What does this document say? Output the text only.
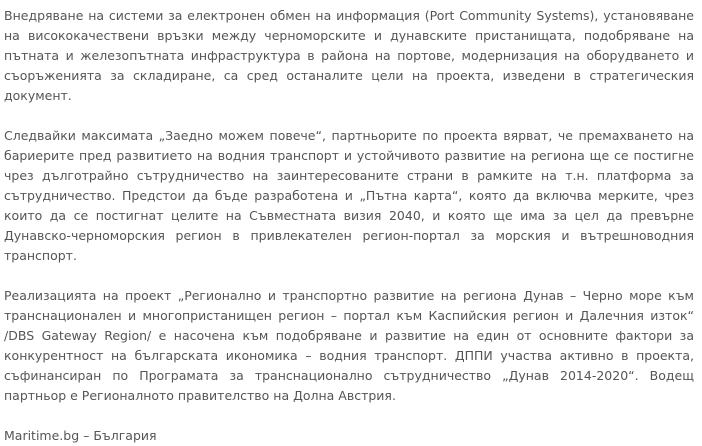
Внедряване на системи за електронен обмен на информация (Port Community Systems), установяване на висококачествени връзки между черноморските и дунавските пристанищата, подобряване на пътната и железопътната инфраструктура в района на портове, модернизация на оборудването и съоръженията за складиране, са сред останалите цели на проекта, изведени в стратегическия документ.

Следвайки максимата „Заедно можем повече“, партньорите по проекта вярват, че премахването на бариерите пред развитието на водния транспорт и устойчивото развитие на региона ще се постигне чрез дълготрайно сътрудничество на заинтересованите страни в рамките на т.н. платформа за сътрудничество. Предстои да бъде разработена и „Пътна карта“, която да включва мерките, чрез които да се постигнат целите на Съвместната визия 2040, и която ще има за цел да превърне Дунавско-черноморския регион в привлекателен регион-портал за морския и вътрешноводния транспорт.

Реализацията на проект „Регионално и транспортно развитие на региона Дунав – Черно море към транснационален и многопристанищен регион – портал към Каспийския регион и Далечния изток“ /DBS Gateway Region/ е насочена към подобряване и развитие на един от основните фактори за конкурентност на българската икономика – водния транспорт. ДППИ участва активно в проекта, съфинансиран по Програмата за транснационално сътрудничество „Дунав 2014-2020“. Водещ партньор е Регионалното правителство на Долна Австрия.

Maritime.bg – България
